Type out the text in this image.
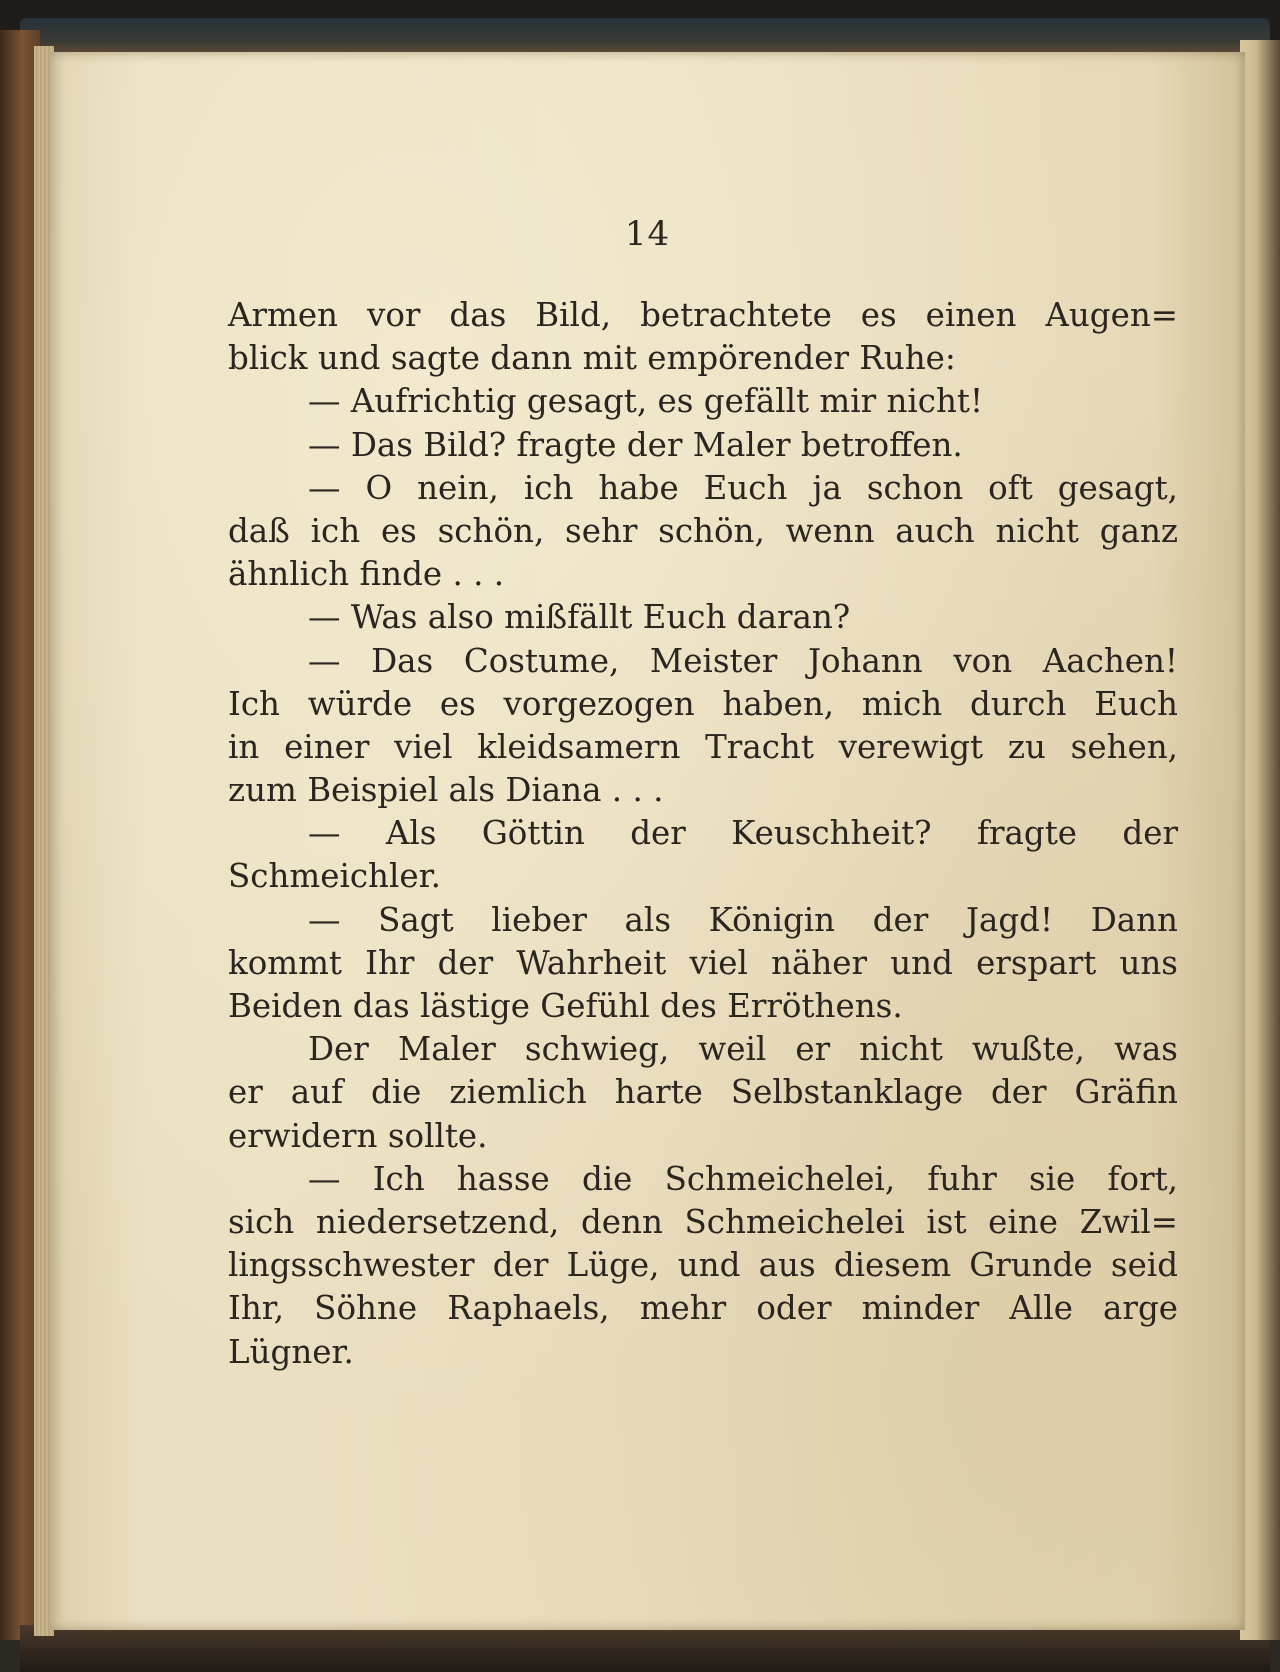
14
Armen vor das Bild, betrachtete es einen Augen=
blick und sagte dann mit empörender Ruhe:
— Aufrichtig gesagt, es gefällt mir nicht!
— Das Bild? fragte der Maler betroffen.
— O nein, ich habe Euch ja schon oft gesagt,
daß ich es schön, sehr schön, wenn auch nicht ganz
ähnlich finde . . .
— Was also mißfällt Euch daran?
— Das Costume, Meister Johann von Aachen!
Ich würde es vorgezogen haben, mich durch Euch
in einer viel kleidsamern Tracht verewigt zu sehen,
zum Beispiel als Diana . . .
— Als Göttin der Keuschheit? fragte der
Schmeichler.
— Sagt lieber als Königin der Jagd! Dann
kommt Ihr der Wahrheit viel näher und erspart uns
Beiden das lästige Gefühl des Erröthens.
Der Maler schwieg, weil er nicht wußte, was
er auf die ziemlich harte Selbstanklage der Gräfin
erwidern sollte.
— Ich hasse die Schmeichelei, fuhr sie fort,
sich niedersetzend, denn Schmeichelei ist eine Zwil=
lingsschwester der Lüge, und aus diesem Grunde seid
Ihr, Söhne Raphaels, mehr oder minder Alle arge
Lügner.
